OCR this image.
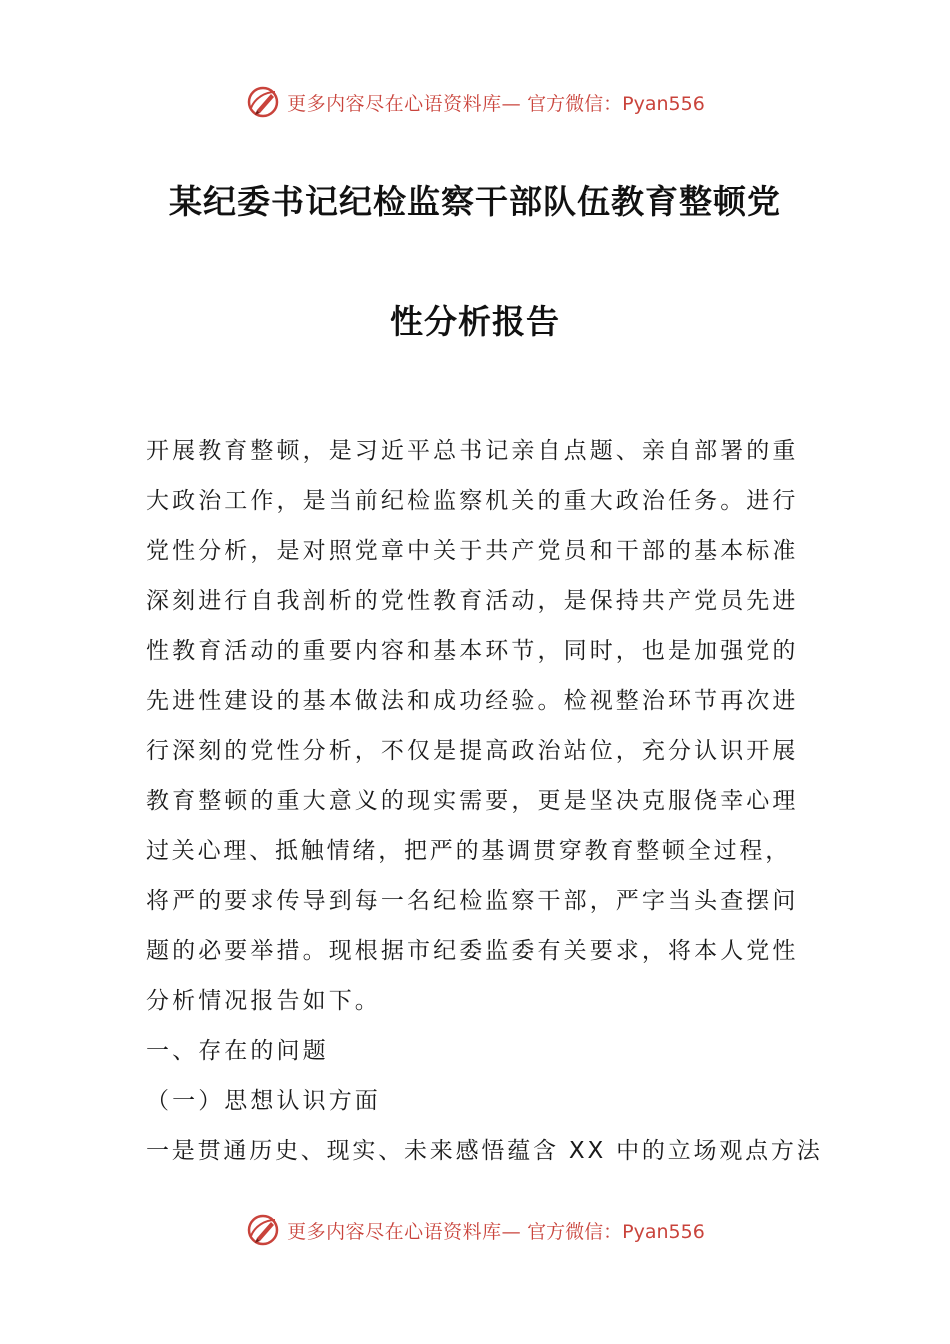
更多内容尽在心语资料库— 官方微信：Pyan556
某纪委书记纪检监察干部队伍教育整顿党
性分析报告
开展教育整顿，是习近平总书记亲自点题、亲自部署的重
大政治工作，是当前纪检监察机关的重大政治任务。进行
党性分析，是对照党章中关于共产党员和干部的基本标准
深刻进行自我剖析的党性教育活动，是保持共产党员先进
性教育活动的重要内容和基本环节，同时，也是加强党的
先进性建设的基本做法和成功经验。检视整治环节再次进
行深刻的党性分析，不仅是提高政治站位，充分认识开展
教育整顿的重大意义的现实需要，更是坚决克服侥幸心理
过关心理、抵触情绪，把严的基调贯穿教育整顿全过程，
将严的要求传导到每一名纪检监察干部，严字当头查摆问
题的必要举措。现根据市纪委监委有关要求，将本人党性
分析情况报告如下。
一、存在的问题
（一）思想认识方面
一是贯通历史、现实、未来感悟蕴含 XX 中的立场观点方法
更多内容尽在心语资料库— 官方微信：Pyan556
